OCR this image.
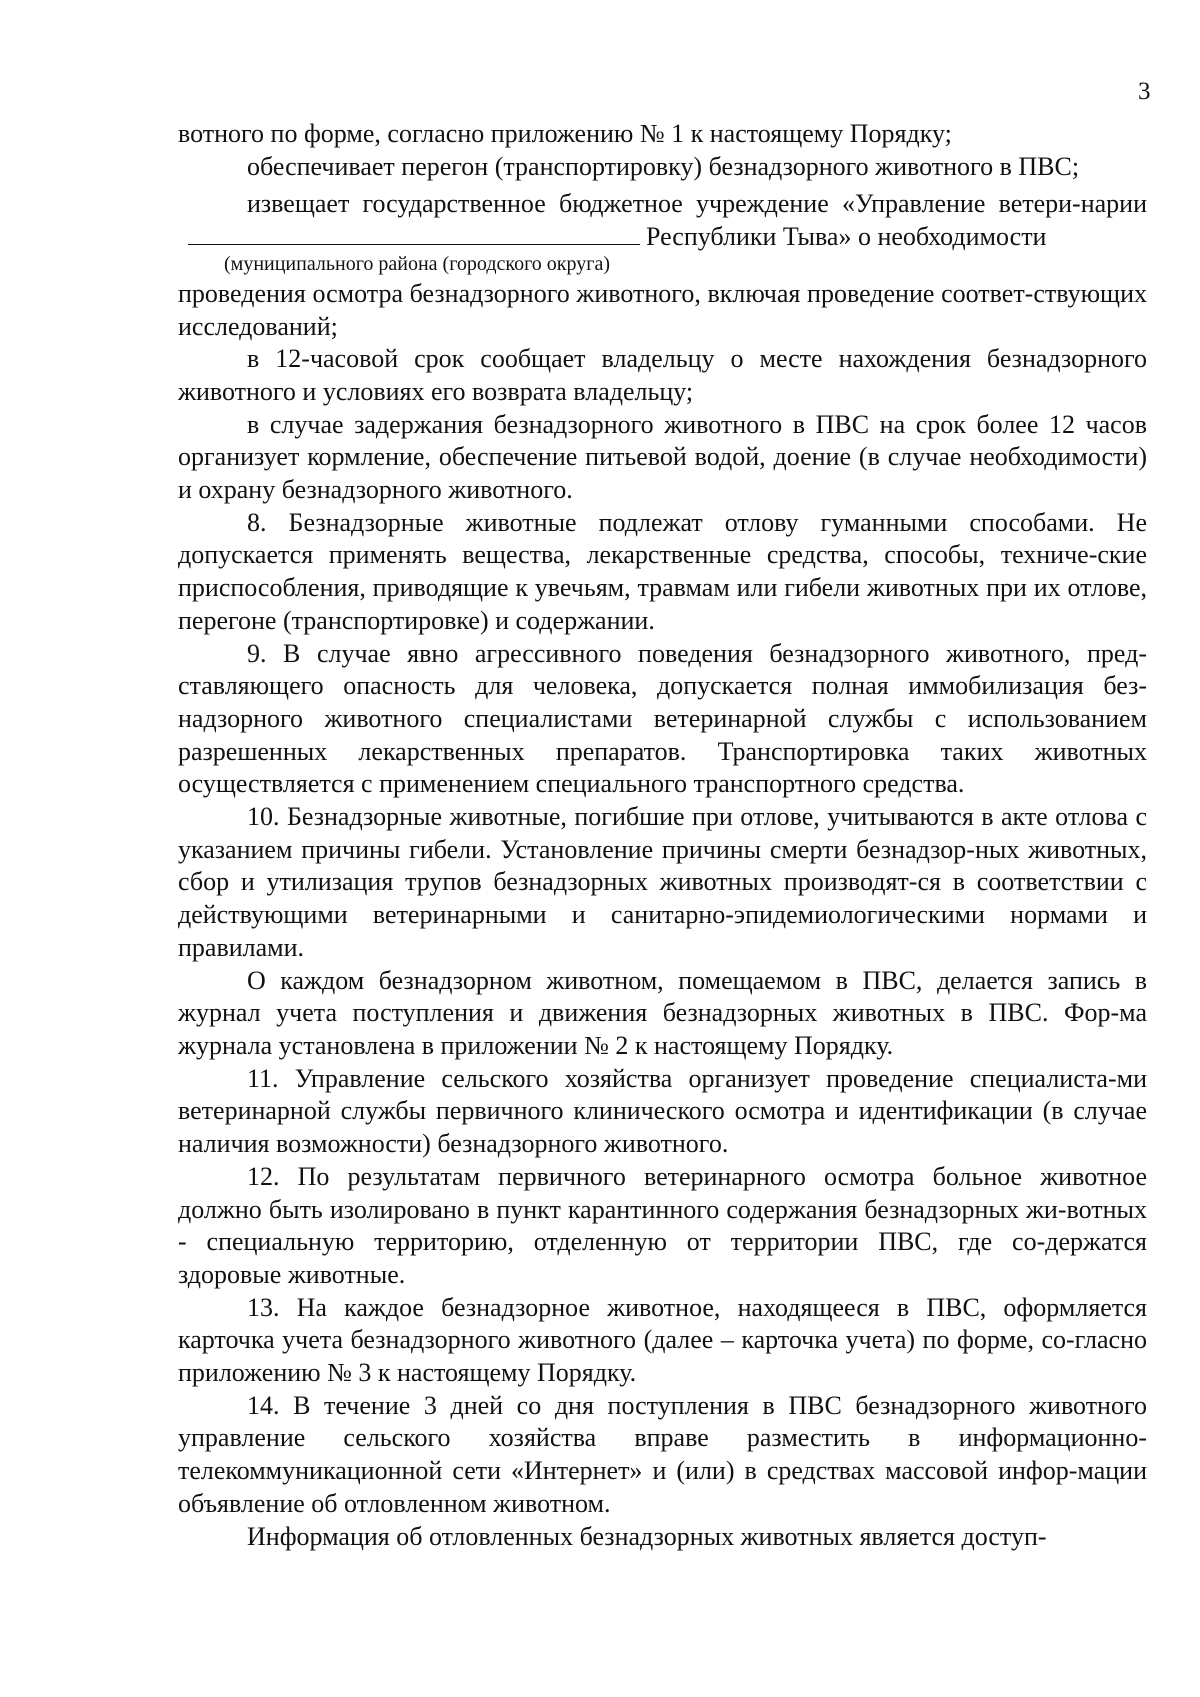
3

вотного по форме, согласно приложению № 1 к настоящему Порядку;

обеспечивает перегон (транспортировку) безнадзорного животного в ПВС;

извещает государственное бюджетное учреждение «Управление ветери-нарииРеспублики Тыва» о необходимости

(муниципального района (городского округа)

проведения осмотра безнадзорного животного, включая проведение соответ-ствующих исследований;

в 12-часовой срок сообщает владельцу о месте нахождения безнадзорного животного и условиях его возврата владельцу;

в случае задержания безнадзорного животного в ПВС на срок более 12 часов организует кормление, обеспечение питьевой водой, доение (в случае необходимости) и охрану безнадзорного животного.

8. Безнадзорные животные подлежат отлову гуманными способами. Не допускается применять вещества, лекарственные средства, способы, техниче-ские приспособления, приводящие к увечьям, травмам или гибели животных при их отлове, перегоне (транспортировке) и содержании.

9. В случае явно агрессивного поведения безнадзорного животного, пред-ставляющего опасность для человека, допускается полная иммобилизация без-надзорного животного специалистами ветеринарной службы с использованием разрешенных лекарственных препаратов. Транспортировка таких животных осуществляется с применением специального транспортного средства.

10. Безнадзорные животные, погибшие при отлове, учитываются в акте отлова с указанием причины гибели. Установление причины смерти безнадзор-ных животных, сбор и утилизация трупов безнадзорных животных производят-ся в соответствии с действующими ветеринарными и санитарно-эпидемиологическими нормами и правилами.

О каждом безнадзорном животном, помещаемом в ПВС, делается запись в журнал учета поступления и движения безнадзорных животных в ПВС. Фор-ма журнала установлена в приложении № 2 к настоящему Порядку.

11. Управление сельского хозяйства организует проведение специалиста-ми ветеринарной службы первичного клинического осмотра и идентификации (в случае наличия возможности) безнадзорного животного.

12. По результатам первичного ветеринарного осмотра больное животное должно быть изолировано в пункт карантинного содержания безнадзорных жи-вотных - специальную территорию, отделенную от территории ПВС, где со-держатся здоровые животные.

13. На каждое безнадзорное животное, находящееся в ПВС, оформляется карточка учета безнадзорного животного (далее – карточка учета) по форме, со-гласно приложению № 3 к настоящему Порядку.

14. В течение 3 дней со дня поступления в ПВС безнадзорного животного управление сельского хозяйства вправе разместить в информационно-телекоммуникационной сети «Интернет» и (или) в средствах массовой инфор-мации объявление об отловленном животном.

Информация об отловленных безнадзорных животных является доступ-
